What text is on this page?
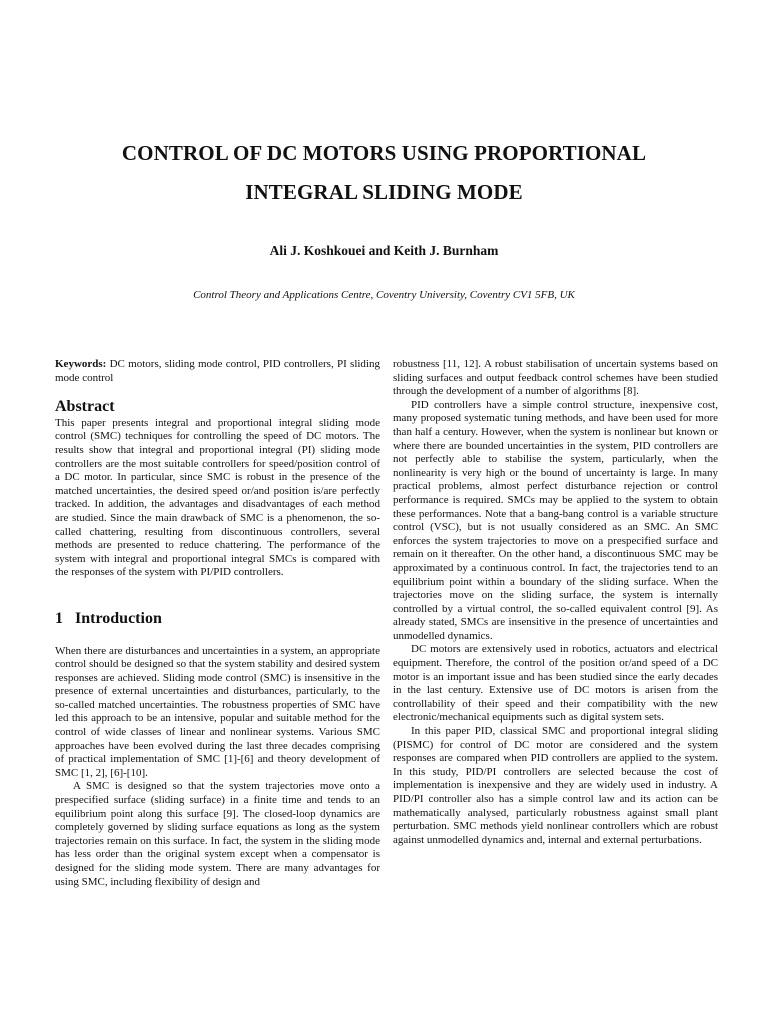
CONTROL OF DC MOTORS USING PROPORTIONAL
INTEGRAL SLIDING MODE
Ali J. Koshkouei and Keith J. Burnham
Control Theory and Applications Centre, Coventry University, Coventry CV1 5FB, UK

Keywords: DC motors, sliding mode control, PID controllers, PI sliding mode control

Abstract

This paper presents integral and proportional integral sliding mode control (SMC) techniques for controlling the speed of DC motors. The results show that integral and proportional integral (PI) sliding mode controllers are the most suitable controllers for speed/position control of a DC motor. In particular, since SMC is robust in the presence of the matched uncertainties, the desired speed or/and position is/are perfectly tracked. In addition, the advantages and disadvantages of each method are studied. Since the main drawback of SMC is a phenomenon, the so-called chattering, resulting from discontinuous controllers, several methods are presented to reduce chattering. The performance of the system with integral and proportional integral SMCs is compared with the responses of the system with PI/PID controllers.

1 Introduction

When there are disturbances and uncertainties in a system, an appropriate control should be designed so that the system stability and desired system responses are achieved. Sliding mode control (SMC) is insensitive in the presence of external uncertainties and disturbances, particularly, to the so-called matched uncertainties. The robustness properties of SMC have led this approach to be an intensive, popular and suitable method for the control of wide classes of linear and nonlinear systems. Various SMC approaches have been evolved during the last three decades comprising of practical implementation of SMC [1]-[6] and theory development of SMC [1, 2], [6]-[10].

A SMC is designed so that the system trajectories move onto a prespecified surface (sliding surface) in a finite time and tends to an equilibrium point along this surface [9]. The closed-loop dynamics are completely governed by sliding surface equations as long as the system trajectories remain on this surface. In fact, the system in the sliding mode has less order than the original system except when a compensator is designed for the sliding mode system. There are many advantages for using SMC, including flexibility of design and

robustness [11, 12]. A robust stabilisation of uncertain systems based on sliding surfaces and output feedback control schemes have been studied through the development of a number of algorithms [8].

PID controllers have a simple control structure, inexpensive cost, many proposed systematic tuning methods, and have been used for more than half a century. However, when the system is nonlinear but known or where there are bounded uncertainties in the system, PID controllers are not perfectly able to stabilise the system, particularly, when the nonlinearity is very high or the bound of uncertainty is large. In many practical problems, almost perfect disturbance rejection or control performance is required. SMCs may be applied to the system to obtain these performances. Note that a bang-bang control is a variable structure control (VSC), but is not usually considered as an SMC. An SMC enforces the system trajectories to move on a prespecified surface and remain on it thereafter. On the other hand, a discontinuous SMC may be approximated by a continuous control. In fact, the trajectories tend to an equilibrium point within a boundary of the sliding surface. When the trajectories move on the sliding surface, the system is internally controlled by a virtual control, the so-called equivalent control [9]. As already stated, SMCs are insensitive in the presence of uncertainties and unmodelled dynamics.

DC motors are extensively used in robotics, actuators and electrical equipment. Therefore, the control of the position or/and speed of a DC motor is an important issue and has been studied since the early decades in the last century. Extensive use of DC motors is arisen from the controllability of their speed and their compatibility with the new electronic/mechanical equipments such as digital system sets.

In this paper PID, classical SMC and proportional integral sliding (PISMC) for control of DC motor are considered and the system responses are compared when PID controllers are applied to the system. In this study, PID/PI controllers are selected because the cost of implementation is inexpensive and they are widely used in industry. A PID/PI controller also has a simple control law and its action can be mathematically analysed, particularly robustness against small plant perturbation. SMC methods yield nonlinear controllers which are robust against unmodelled dynamics and, internal and external perturbations.
